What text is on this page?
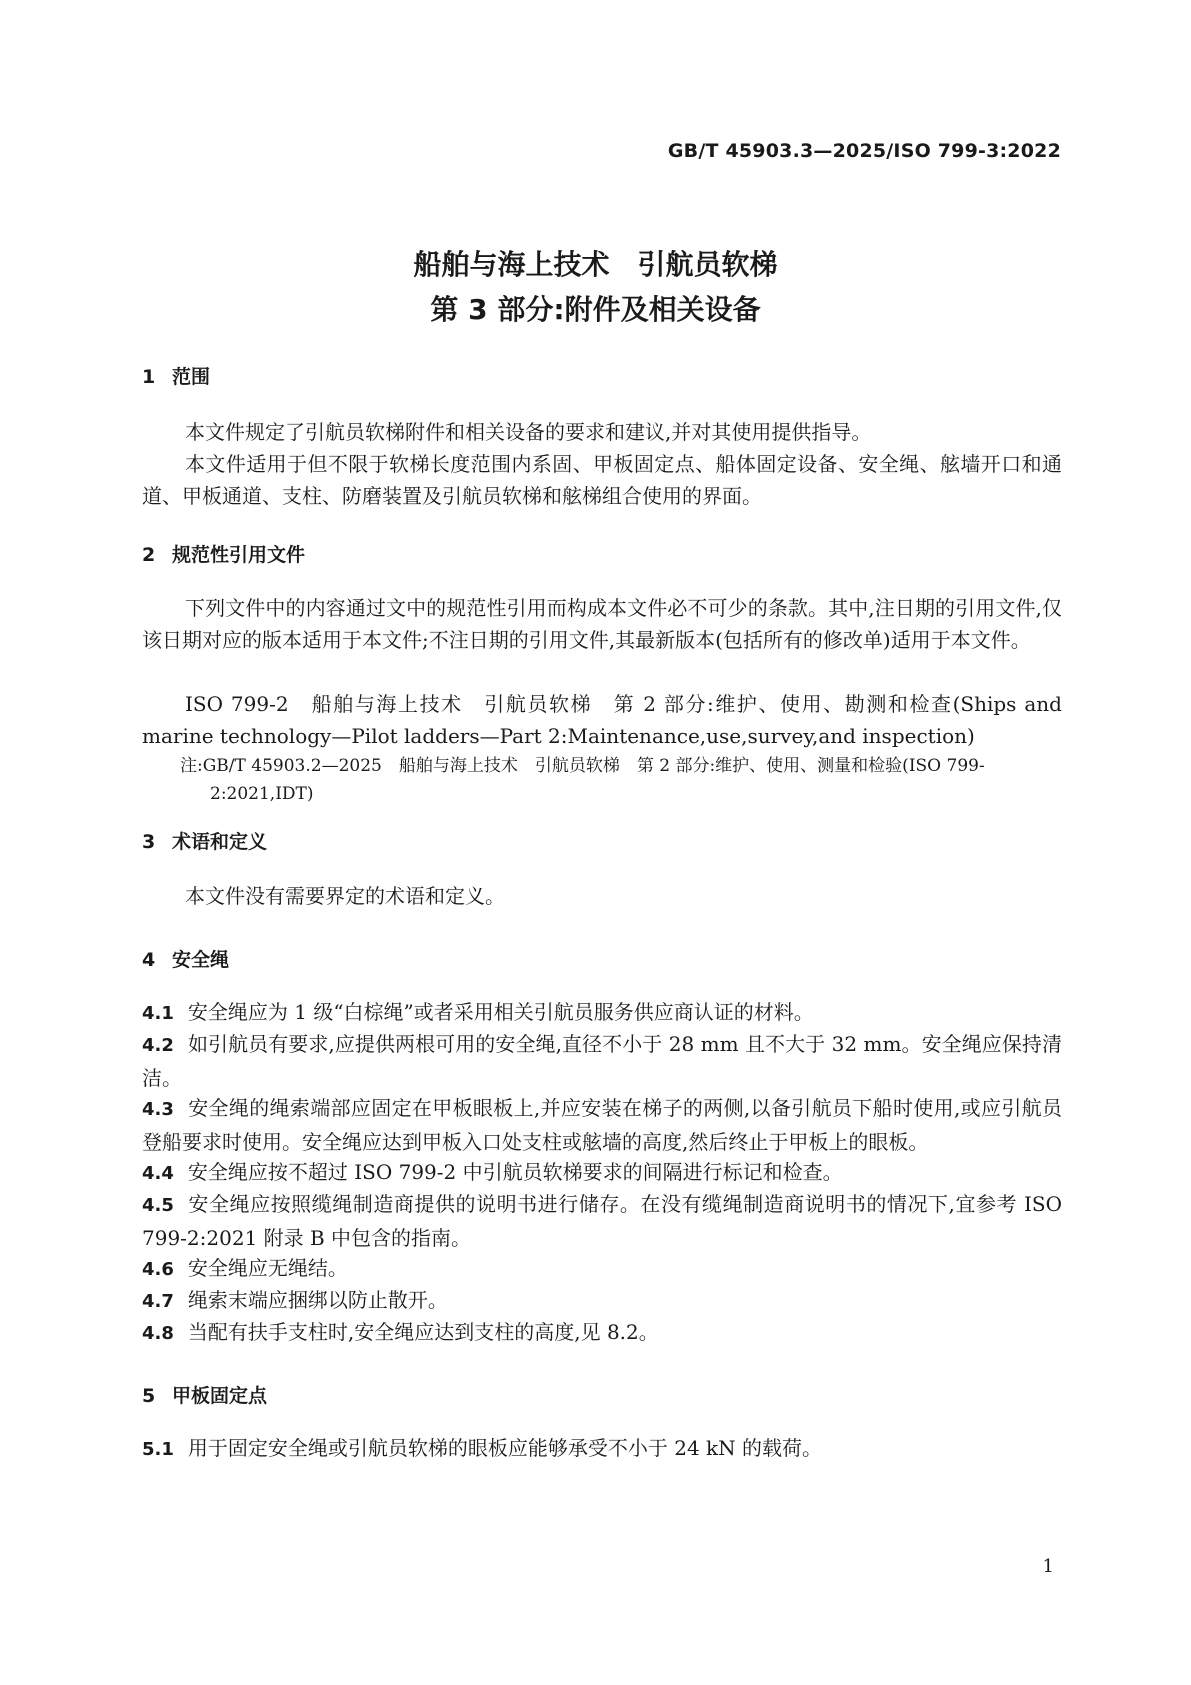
GB/T 45903.3—2025/ISO 799-3:2022
船舶与海上技术　引航员软梯
第 3 部分:附件及相关设备
1 范围
本文件规定了引航员软梯附件和相关设备的要求和建议,并对其使用提供指导。
本文件适用于但不限于软梯长度范围内系固、甲板固定点、船体固定设备、安全绳、舷墙开口和通道、甲板通道、支柱、防磨装置及引航员软梯和舷梯组合使用的界面。
2 规范性引用文件
下列文件中的内容通过文中的规范性引用而构成本文件必不可少的条款。其中,注日期的引用文件,仅该日期对应的版本适用于本文件;不注日期的引用文件,其最新版本(包括所有的修改单)适用于本文件。
ISO 799-2　船舶与海上技术　引航员软梯　第 2 部分:维护、使用、勘测和检查(Ships and marine technology—Pilot ladders—Part 2:Maintenance,use,survey,and inspection)
注:GB/T 45903.2—2025　船舶与海上技术　引航员软梯　第 2 部分:维护、使用、测量和检验(ISO 799-2:2021,IDT)
3 术语和定义
本文件没有需要界定的术语和定义。
4 安全绳
4.1 安全绳应为 1 级“白棕绳”或者采用相关引航员服务供应商认证的材料。
4.2 如引航员有要求,应提供两根可用的安全绳,直径不小于 28 mm 且不大于 32 mm。安全绳应保持清洁。
4.3 安全绳的绳索端部应固定在甲板眼板上,并应安装在梯子的两侧,以备引航员下船时使用,或应引航员登船要求时使用。安全绳应达到甲板入口处支柱或舷墙的高度,然后终止于甲板上的眼板。
4.4 安全绳应按不超过 ISO 799-2 中引航员软梯要求的间隔进行标记和检查。
4.5 安全绳应按照缆绳制造商提供的说明书进行储存。在没有缆绳制造商说明书的情况下,宜参考 ISO 799-2:2021 附录 B 中包含的指南。
4.6 安全绳应无绳结。
4.7 绳索末端应捆绑以防止散开。
4.8 当配有扶手支柱时,安全绳应达到支柱的高度,见 8.2。
5 甲板固定点
5.1 用于固定安全绳或引航员软梯的眼板应能够承受不小于 24 kN 的载荷。
1
